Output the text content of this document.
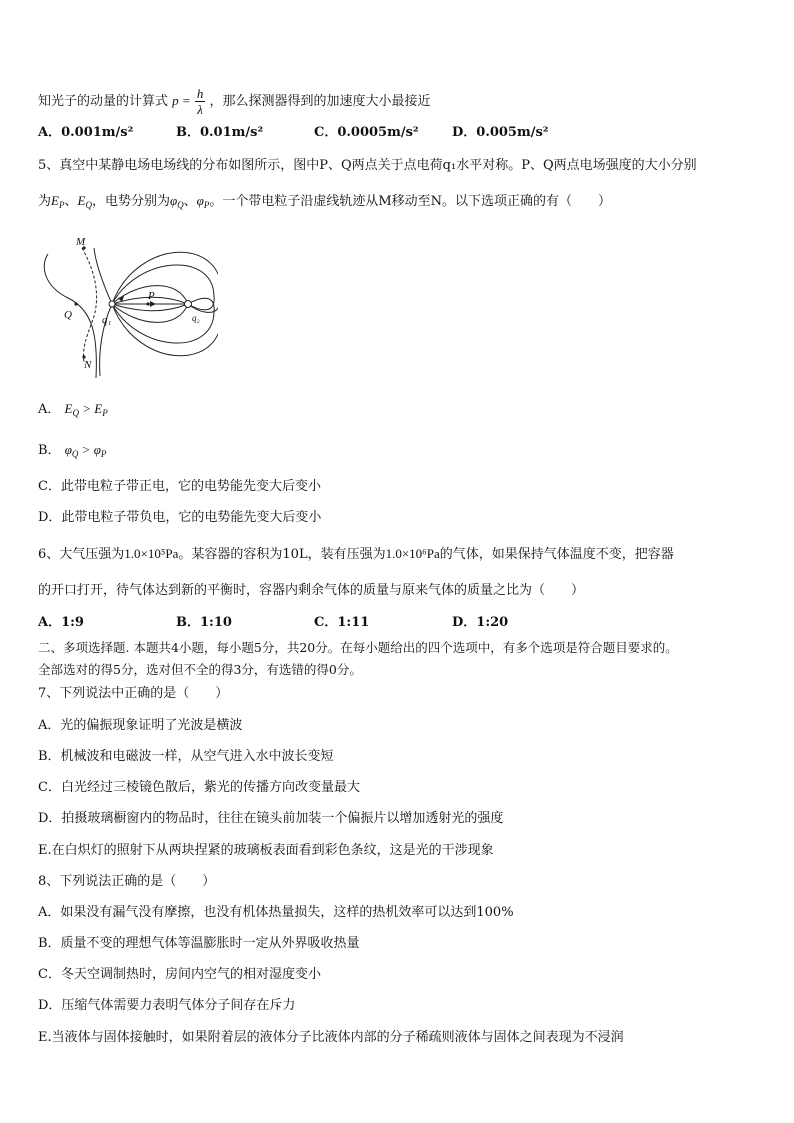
知光子的动量的计算式 $p = \frac{h}{\lambda}$ ，那么探测器得到的加速度大小最接近
A．0.001m/s²	B．0.01m/s²	C．0.0005m/s²	D．0.005m/s²
5、真空中某静电场电场线的分布如图所示，图中P、Q两点关于点电荷q₁水平对称。P、Q两点电场强度的大小分别
为$E_P$、$E_Q$，电势分别为$\varphi_Q$、$\varphi_P$。一个带电粒子沿虚线轨迹从M移动至N。以下选项正确的有（　　）
M
N
P
Q	q₁	q₂
A． $E_Q > E_P$
B． $\varphi_Q > \varphi_P$
C．此带电粒子带正电，它的电势能先变大后变小
D．此带电粒子带负电，它的电势能先变大后变小
6、大气压强为1.0×10⁵Pa。某容器的容积为10L，装有压强为1.0×10⁶Pa的气体，如果保持气体温度不变，把容器
的开口打开，待气体达到新的平衡时，容器内剩余气体的质量与原来气体的质量之比为（　　）
A．1:9	B．1:10	C．1:11	D．1:20
二、多项选择题. 本题共4小题，每小题5分，共20分。在每小题给出的四个选项中，有多个选项是符合题目要求的。
全部选对的得5分，选对但不全的得3分，有选错的得0分。
7、下列说法中正确的是（　　）
A．光的偏振现象证明了光波是横波
B．机械波和电磁波一样，从空气进入水中波长变短
C．白光经过三棱镜色散后，紫光的传播方向改变量最大
D．拍摄玻璃橱窗内的物品时，往往在镜头前加装一个偏振片以增加透射光的强度
E.在白炽灯的照射下从两块捏紧的玻璃板表面看到彩色条纹，这是光的干涉现象
8、下列说法正确的是（　　）
A．如果没有漏气没有摩擦，也没有机体热量损失，这样的热机效率可以达到100%
B．质量不变的理想气体等温膨胀时一定从外界吸收热量
C．冬天空调制热时，房间内空气的相对湿度变小
D．压缩气体需要力表明气体分子间存在斥力
E.当液体与固体接触时，如果附着层的液体分子比液体内部的分子稀疏则液体与固体之间表现为不浸润
